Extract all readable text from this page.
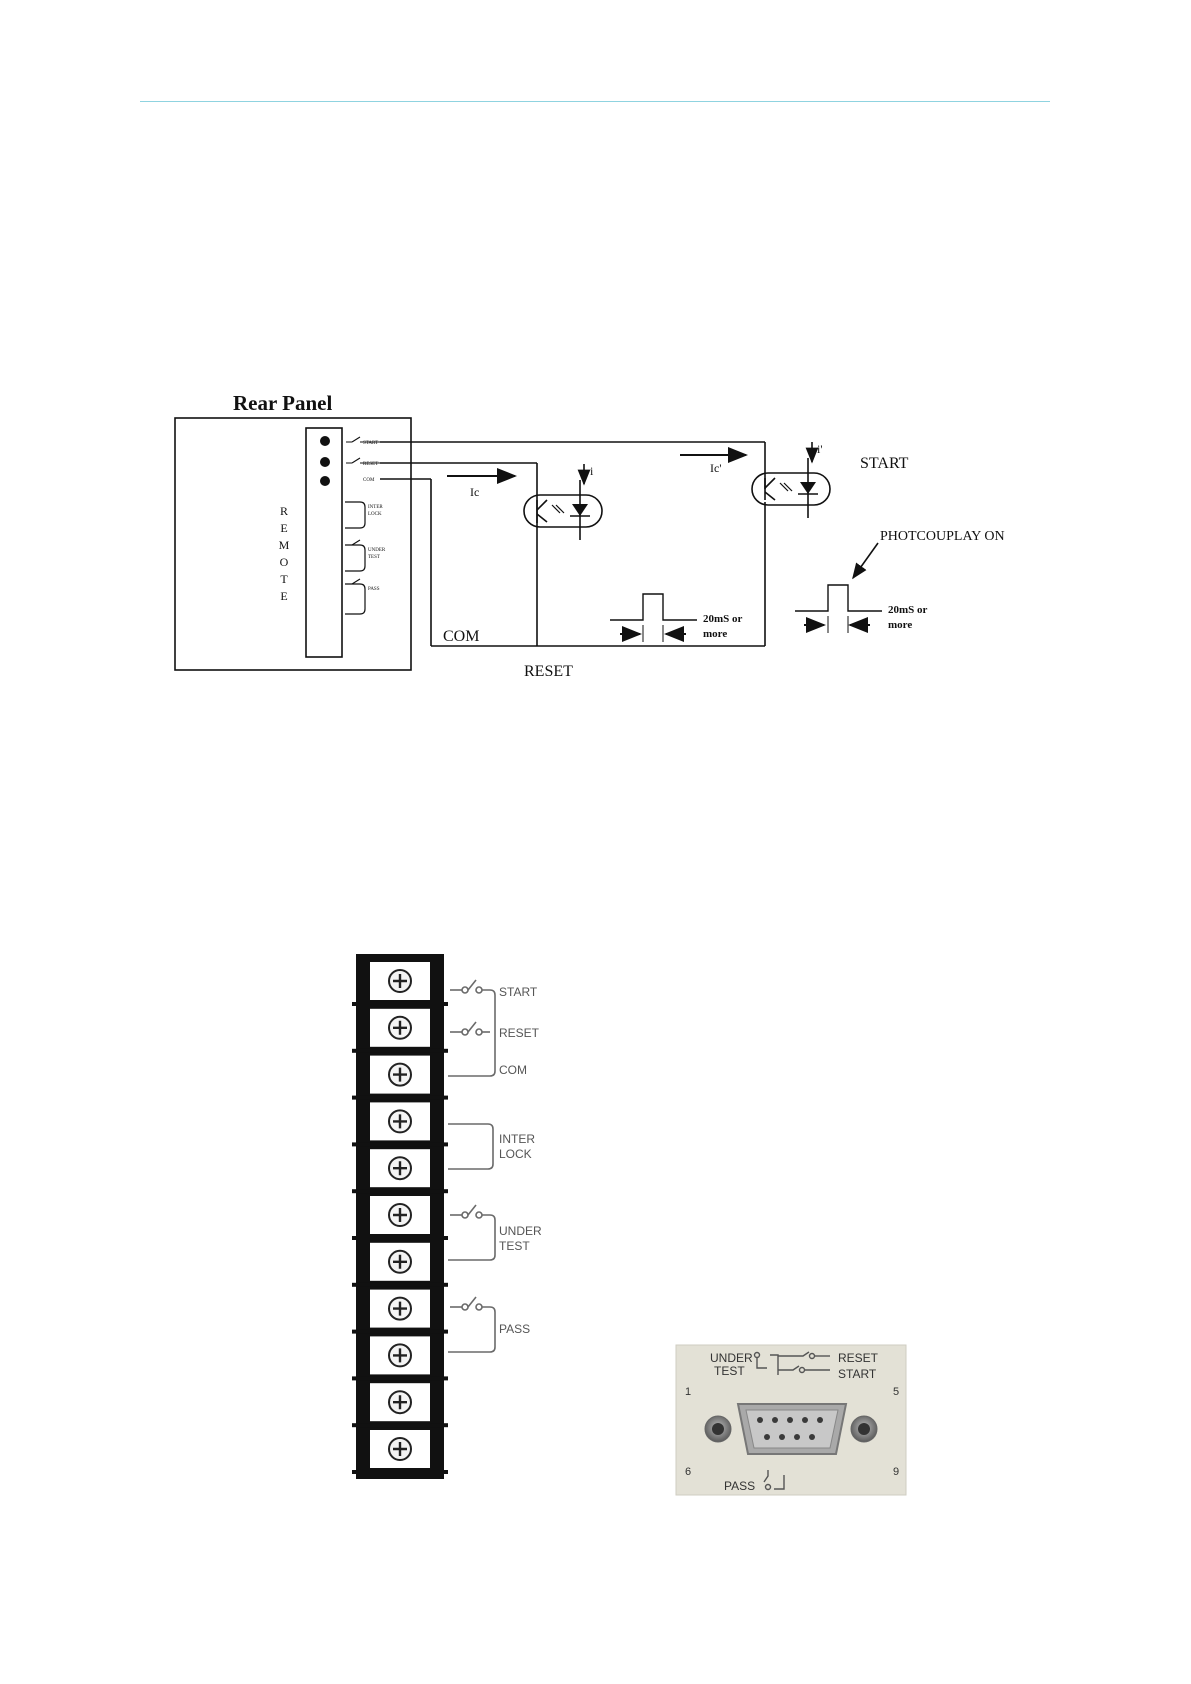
Rear Panel
R
E
M
O
T
E
START
RESET
COM
INTER
LOCK
UNDER
TEST
PASS
Ic
Ic'
i
i'
START
PHOTCOUPLAY ON
20mS or
more
20mS or
more
COM
RESET
START
RESET
COM
INTER
LOCK
UNDER
TEST
PASS
UNDER
TEST
RESET
START
1	5
6	9
PASS
